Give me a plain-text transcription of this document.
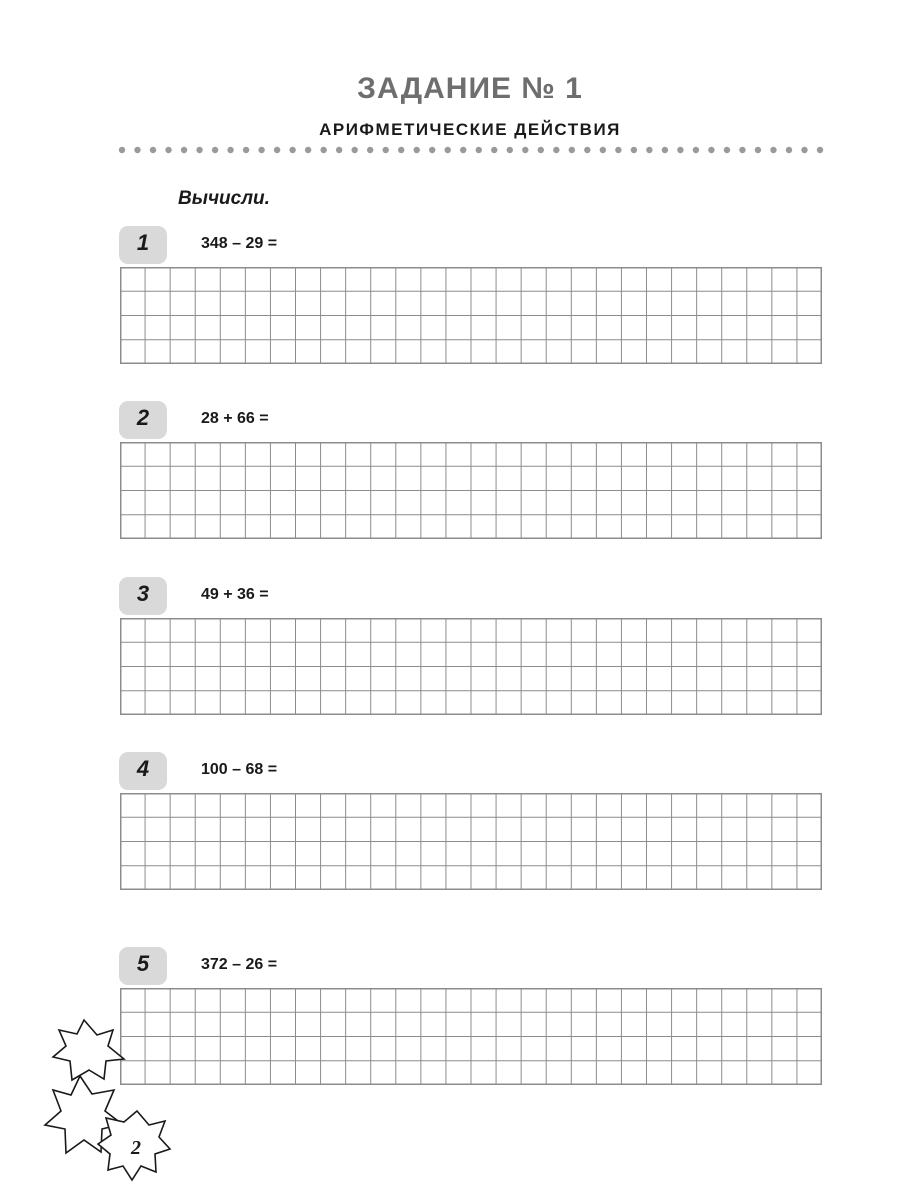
ЗАДАНИЕ № 1
АРИФМЕТИЧЕСКИЕ ДЕЙСТВИЯ
Вычисли.
1	348 – 29 =
2	28 + 66 =
3	49 + 36 =
4	100 – 68 =
5	372 – 26 =
2
